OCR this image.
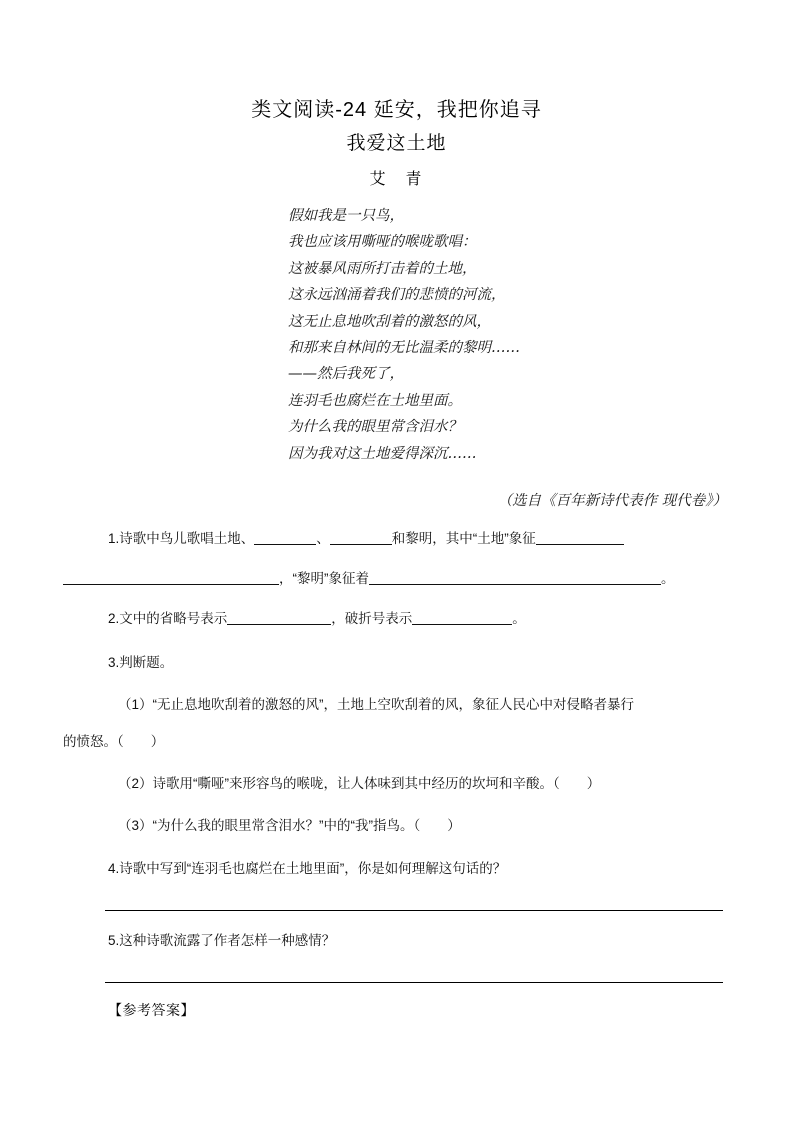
类文阅读-24 延安，我把你追寻
我爱这土地
艾　青
假如我是一只鸟，
我也应该用嘶哑的喉咙歌唱：
这被暴风雨所打击着的土地，
这永远汹涌着我们的悲愤的河流，
这无止息地吹刮着的激怒的风，
和那来自林间的无比温柔的黎明……
——然后我死了，
连羽毛也腐烂在土地里面。
为什么我的眼里常含泪水？
因为我对这土地爱得深沉……
（选自《百年新诗代表作 现代卷》）
1.诗歌中鸟儿歌唱土地、	、	和黎明，其中“土地”象征
，“黎明”象征着	。
2.文中的省略号表示	，破折号表示	。
3.判断题。
（1）“无止息地吹刮着的激怒的风”，土地上空吹刮着的风，象征人民心中对侵略者暴行
的愤怒。（　　）
（2）诗歌用“嘶哑”来形容鸟的喉咙，让人体味到其中经历的坎坷和辛酸。（　　）
（3）“为什么我的眼里常含泪水？”中的“我”指鸟。（　　）
4.诗歌中写到“连羽毛也腐烂在土地里面”，你是如何理解这句话的？
5.这种诗歌流露了作者怎样一种感情？
【参考答案】
